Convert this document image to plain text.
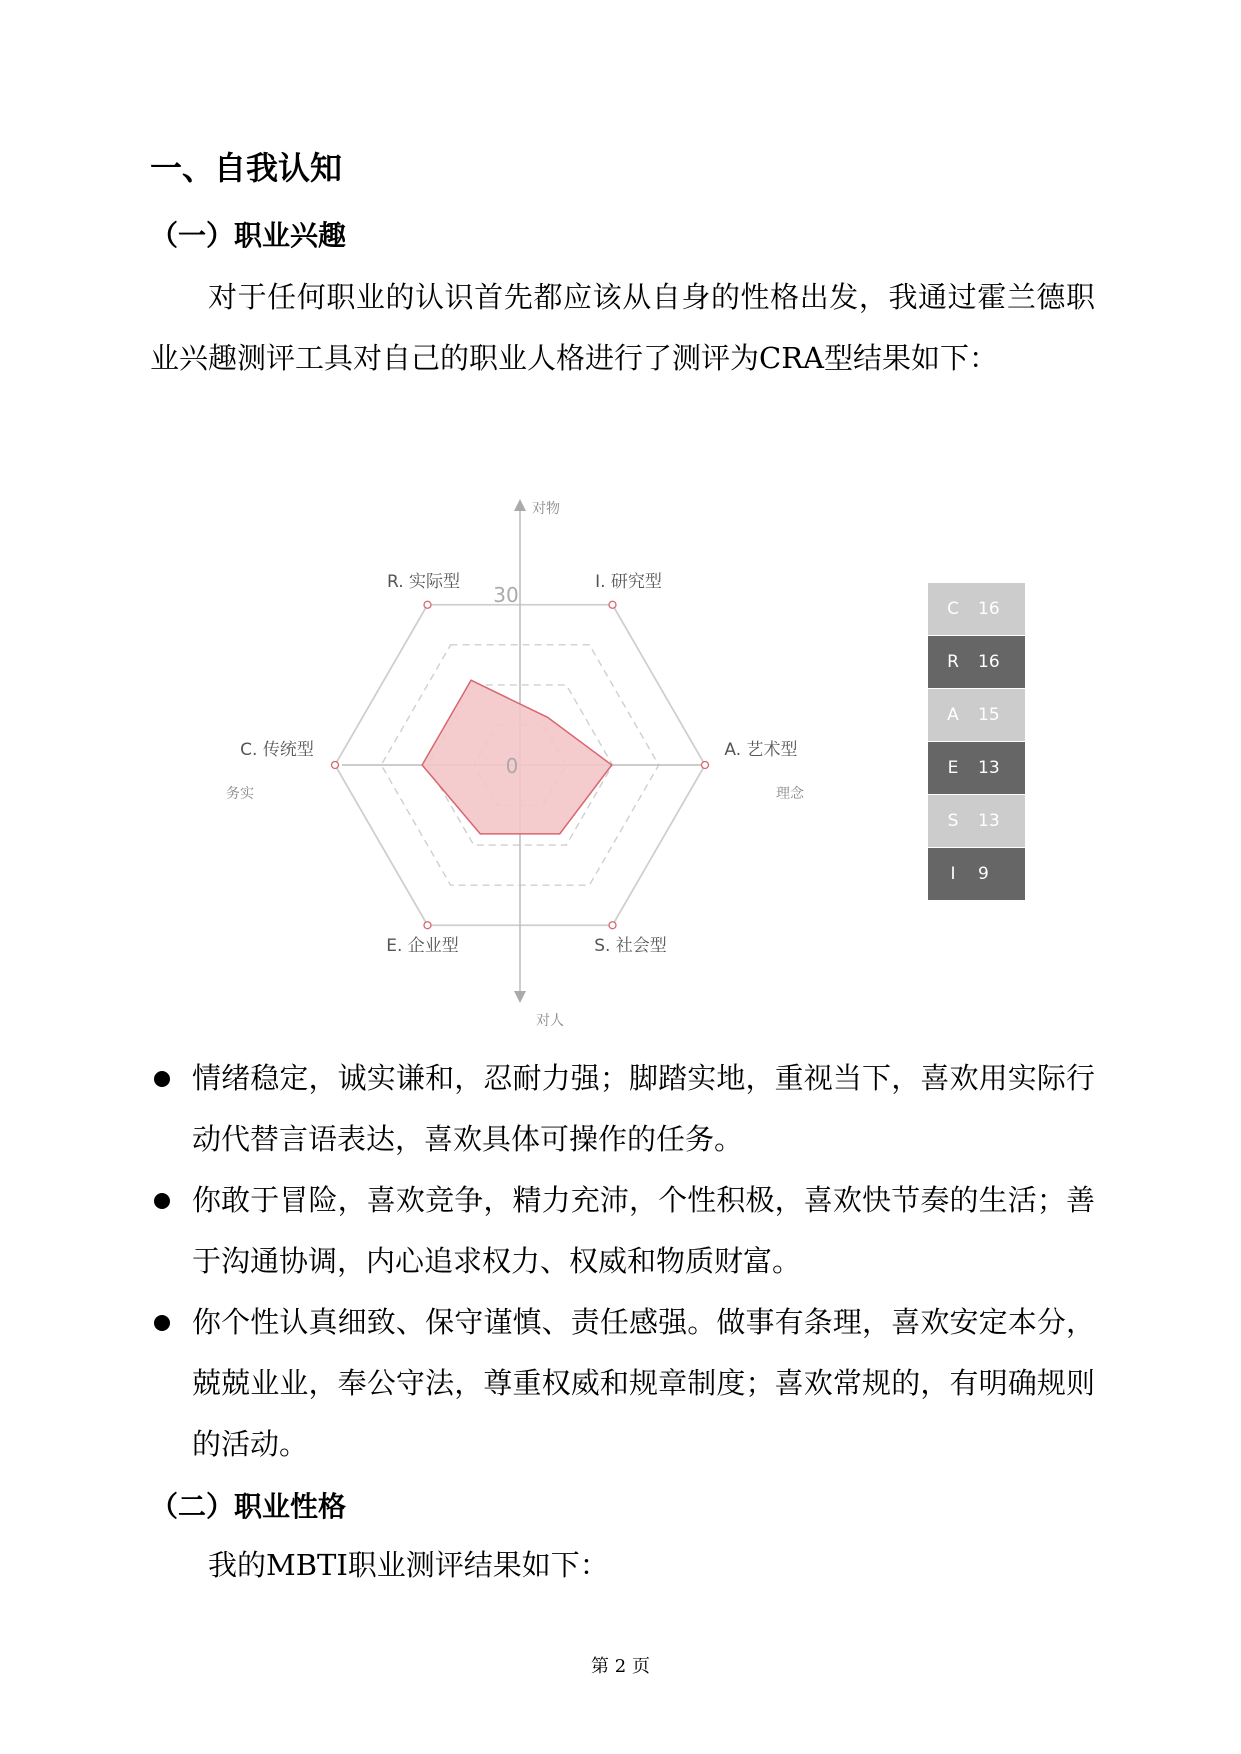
一、自我认知
（一）职业兴趣

对于任何职业的认识首先都应该从自身的性格出发，我通过霍兰德职业兴趣测评工具对自己的职业人格进行了测评为CRA型结果如下：

R. 实际型	I. 研究型
A. 艺术型
S. 社会型
E. 企业型
C. 传统型
对物
对人
务实	理念
30
0
C	16
R	16
A	15
E	13
S	13
I	9

情绪稳定，诚实谦和，忍耐力强；脚踏实地，重视当下，喜欢用实际行动代替言语表达，喜欢具体可操作的任务。

你敢于冒险，喜欢竞争，精力充沛，个性积极，喜欢快节奏的生活；善于沟通协调，内心追求权力、权威和物质财富。

你个性认真细致、保守谨慎、责任感强。做事有条理，喜欢安定本分，兢兢业业，奉公守法，尊重权威和规章制度；喜欢常规的，有明确规则的活动。

（二）职业性格

我的MBTI职业测评结果如下：

第 2 页
